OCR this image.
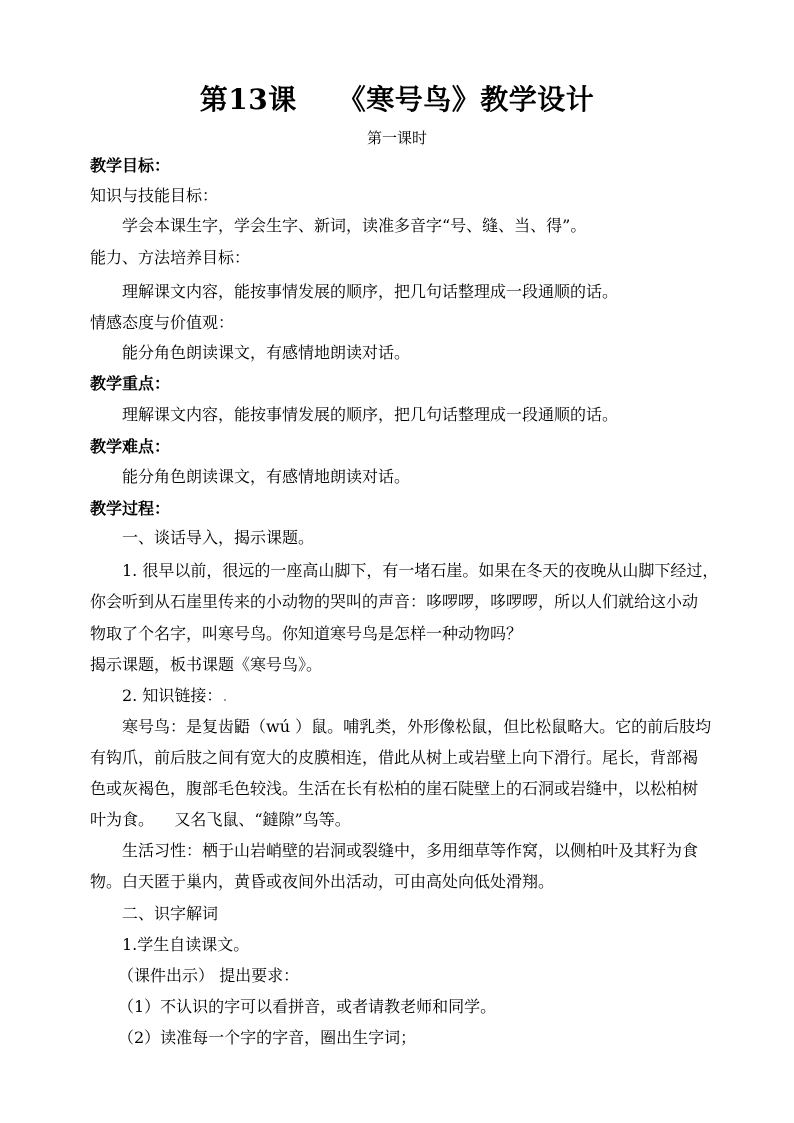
第13课 《寒号鸟》教学设计
第一课时
教学目标：
知识与技能目标：
学会本课生字，学会生字、新词，读准多音字“号、缝、当、得”。
能力、方法培养目标：
理解课文内容，能按事情发展的顺序，把几句话整理成一段通顺的话。
情感态度与价值观：
能分角色朗读课文，有感情地朗读对话。
教学重点：
理解课文内容，能按事情发展的顺序，把几句话整理成一段通顺的话。
教学难点：
能分角色朗读课文，有感情地朗读对话。
教学过程：
一、谈话导入，揭示课题。
1. 很早以前，很远的一座高山脚下，有一堵石崖。如果在冬天的夜晚从山脚下经过，
你会听到从石崖里传来的小动物的哭叫的声音：哆啰啰，哆啰啰，所以人们就给这小动
物取了个名字，叫寒号鸟。你知道寒号鸟是怎样一种动物吗？
揭示课题，板书课题《寒号鸟》。
2. 知识链接：.
寒号鸟：是复齿鼯（wú ）鼠。哺乳类，外形像松鼠，但比松鼠略大。它的前后肢均
有钩爪，前后肢之间有宽大的皮膜相连，借此从树上或岩壁上向下滑行。尾长，背部褐
色或灰褐色，腹部毛色较浅。生活在长有松柏的崖石陡壁上的石洞或岩缝中，以松柏树
叶为食。    又名飞鼠、“鐽隙”鸟等。
生活习性：栖于山岩峭壁的岩洞或裂缝中，多用细草等作窝，以侧柏叶及其籽为食
物。白天匿于巢内，黄昏或夜间外出活动，可由高处向低处滑翔。
二、识字解词
1.学生自读课文。
（课件出示） 提出要求：
（1）不认识的字可以看拼音，或者请教老师和同学。
（2）读准每一个字的字音，圈出生字词；
